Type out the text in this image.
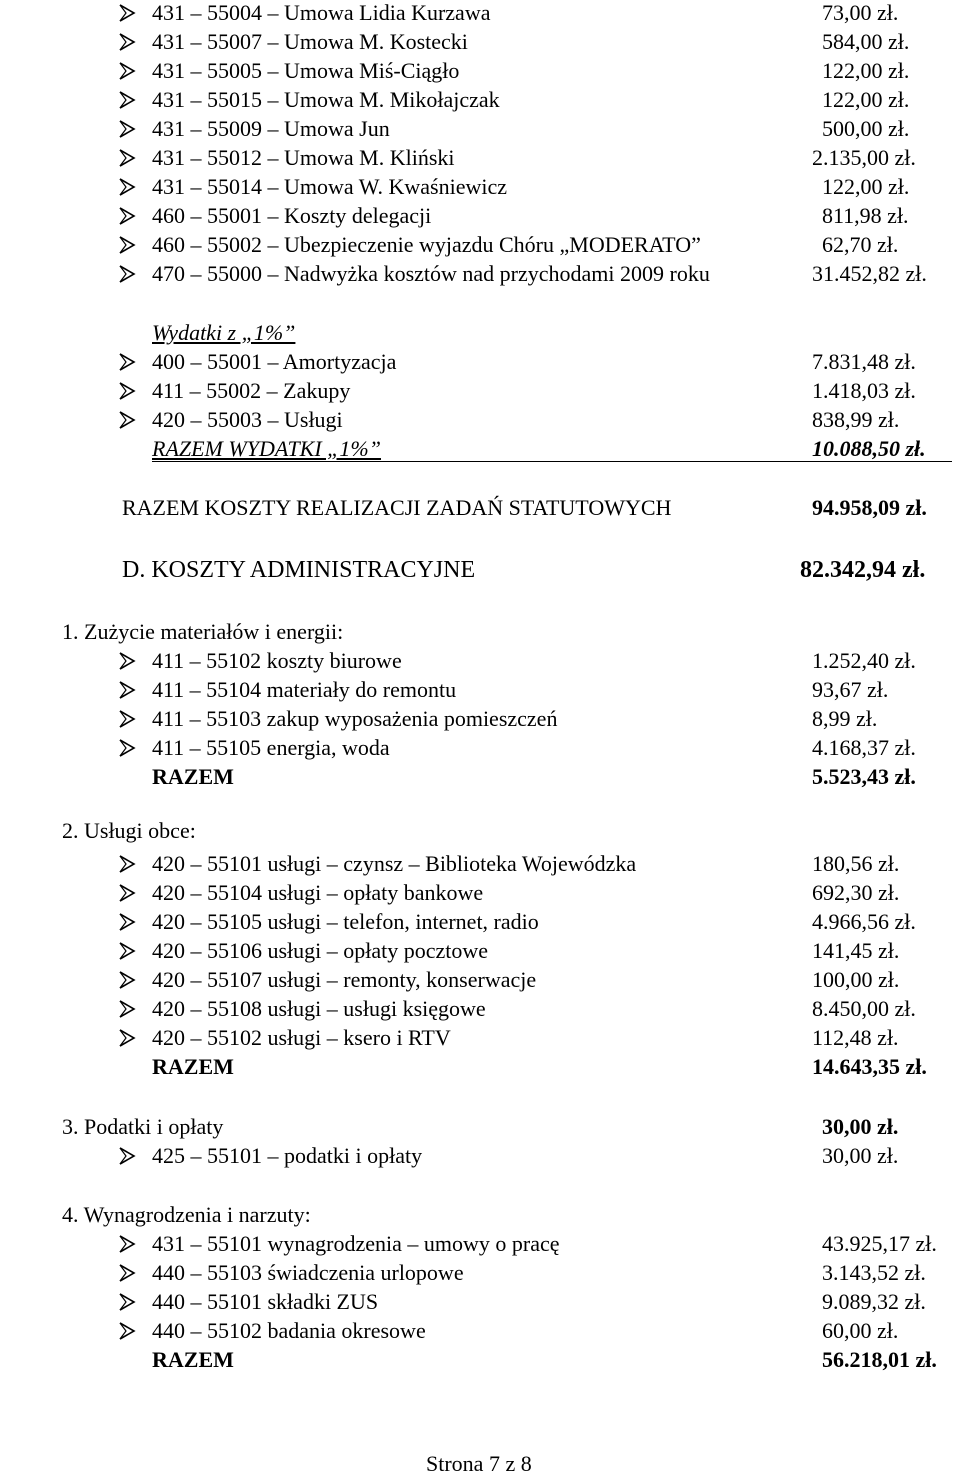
431 – 55004 – Umowa Lidia Kurzawa	73,00 zł.
431 – 55007 – Umowa M. Kostecki	584,00 zł.
431 – 55005 – Umowa Miś-Ciągło	122,00 zł.
431 – 55015 – Umowa M. Mikołajczak	122,00 zł.
431 – 55009 – Umowa Jun	500,00 zł.
431 – 55012 – Umowa M. Kliński	2.135,00 zł.
431 – 55014 – Umowa W. Kwaśniewicz	122,00 zł.
460 – 55001 – Koszty delegacji	811,98 zł.
460 – 55002 – Ubezpieczenie wyjazdu Chóru „MODERATO”	62,70 zł.
470 – 55000 – Nadwyżka kosztów nad przychodami 2009 roku	31.452,82 zł.
Wydatki z „1%”
400 – 55001 – Amortyzacja	7.831,48 zł.
411 – 55002 – Zakupy	1.418,03 zł.
420 – 55003 – Usługi	838,99 zł.
RAZEM WYDATKI „1%”	10.088,50 zł.
RAZEM KOSZTY REALIZACJI ZADAŃ STATUTOWYCH	94.958,09 zł.
D. KOSZTY ADMINISTRACYJNE	82.342,94 zł.
1. Zużycie materiałów i energii:
411 – 55102 koszty biurowe	1.252,40 zł.
411 – 55104 materiały do remontu	93,67 zł.
411 – 55103 zakup wyposażenia pomieszczeń	8,99 zł.
411 – 55105 energia, woda	4.168,37 zł.
RAZEM	5.523,43 zł.
2. Usługi obce:
420 – 55101 usługi – czynsz – Biblioteka Wojewódzka	180,56 zł.
420 – 55104 usługi – opłaty bankowe	692,30 zł.
420 – 55105 usługi – telefon, internet, radio	4.966,56 zł.
420 – 55106 usługi – opłaty pocztowe	141,45 zł.
420 – 55107 usługi – remonty, konserwacje	100,00 zł.
420 – 55108 usługi – usługi księgowe	8.450,00 zł.
420 – 55102 usługi – ksero i RTV	112,48 zł.
RAZEM	14.643,35 zł.
3. Podatki i opłaty	30,00 zł.
425 – 55101 – podatki i opłaty	30,00 zł.
4. Wynagrodzenia i narzuty:
431 – 55101 wynagrodzenia – umowy o pracę	43.925,17 zł.
440 – 55103 świadczenia urlopowe	3.143,52 zł.
440 – 55101 składki ZUS	9.089,32 zł.
440 – 55102 badania okresowe	60,00 zł.
RAZEM	56.218,01 zł.
Strona 7 z 8
